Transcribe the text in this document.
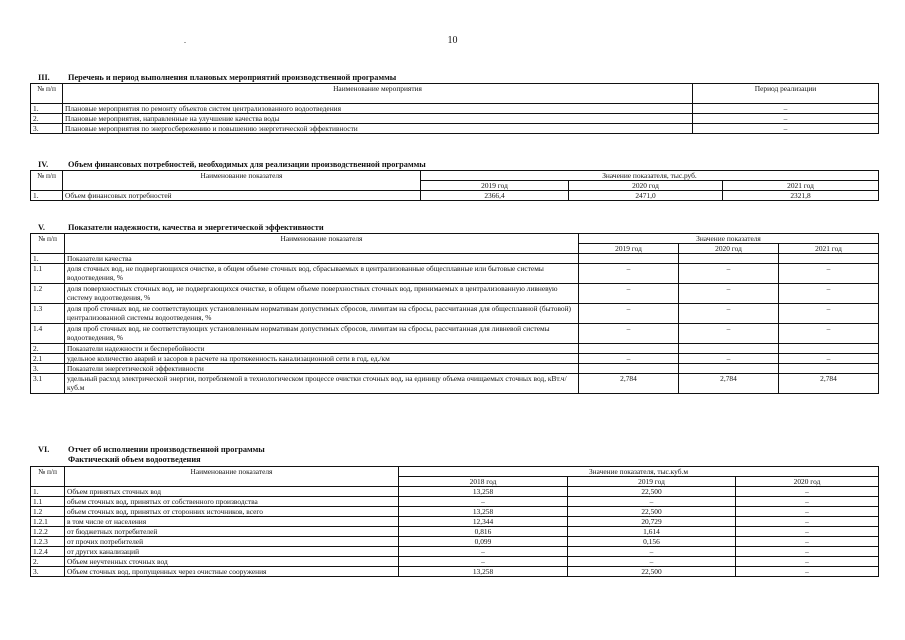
10
.
III. Перечень и период выполнения плановых мероприятий производственной программы
№ п/п	Наименование мероприятия	Период реализации
1.	Плановые мероприятия по ремонту объектов систем централизованного водоотведения	–
2.	Плановые мероприятия, направленные на улучшение качества воды	–
3.	Плановые мероприятия по энергосбережению и повышению энергетической эффективности	–
IV. Объем финансовых потребностей, необходимых для реализации производственной программы
№ п/п	Наименование показателя	Значение показателя, тыс.руб.		
		2019 год	2020 год	2021 год
1.	Объем финансовых потребностей	2366,4	2471,0	2321,8
V.	Показатели надежности, качества и энергетической эффективности
№ п/п	Наименование показателя	Значение показателя		
		2019 год	2020 год	2021 год
1.	Показатели качества			
1.1	доля сточных вод, не подвергающихся очистке, в общем объеме сточных вод, сбрасываемых в централизованные общесплавные или бытовые системы водоотведения, %	–	–	–
1.2	доля поверхностных сточных вод, не подвергающихся очистке, в общем объеме поверхностных сточных вод, принимаемых в централизованную ливневую систему водоотведения, %	–	–	–
1.3	доля проб сточных вод, не соответствующих установленным нормативам допустимых сбросов, лимитам на сбросы, рассчитанная для общесплавной (бытовой) централизованной системы водоотведения, %	–	–	–
1.4	доля проб сточных вод, не соответствующих установленным нормативам допустимых сбросов, лимитам на сбросы, рассчитанная для ливневой системы водоотведения, %	–	–	–
2.	Показатели надежности и бесперебойности			
2.1	удельное количество аварий и засоров в расчете на протяженность канализационной сети в год, ед./км	–	–	–
3.	Показатели энергетической эффективности			
3.1	удельный расход электрической энергии, потребляемой в технологическом процессе очистки сточных вод, на единицу объема очищаемых сточных вод, кВт.ч/куб.м	2,784	2,784	2,784
VI. Отчет об исполнении производственной программы
Фактический объем водоотведения
№ п/п	Наименование показателя	Значение показателя, тыс.куб.м		
		2018 год	2019 год	2020 год
1.	Объем принятых сточных вод	13,258	22,500	–
1.1	объем сточных вод, принятых от собственного производства	–	–	–
1.2	объем сточных вод, принятых от сторонних источников, всего	13,258	22,500	–
1.2.1	в том числе от населения	12,344	20,729	–
1.2.2	от бюджетных потребителей	0,816	1,614	–
1.2.3	от прочих потребителей	0,099	0,156	–
1.2.4	от других канализаций	–	–	–
2.	Объем неучтенных сточных вод	–	–	–
3.	Объем сточных вод, пропущенных через очистные сооружения	13,258	22,500	–
